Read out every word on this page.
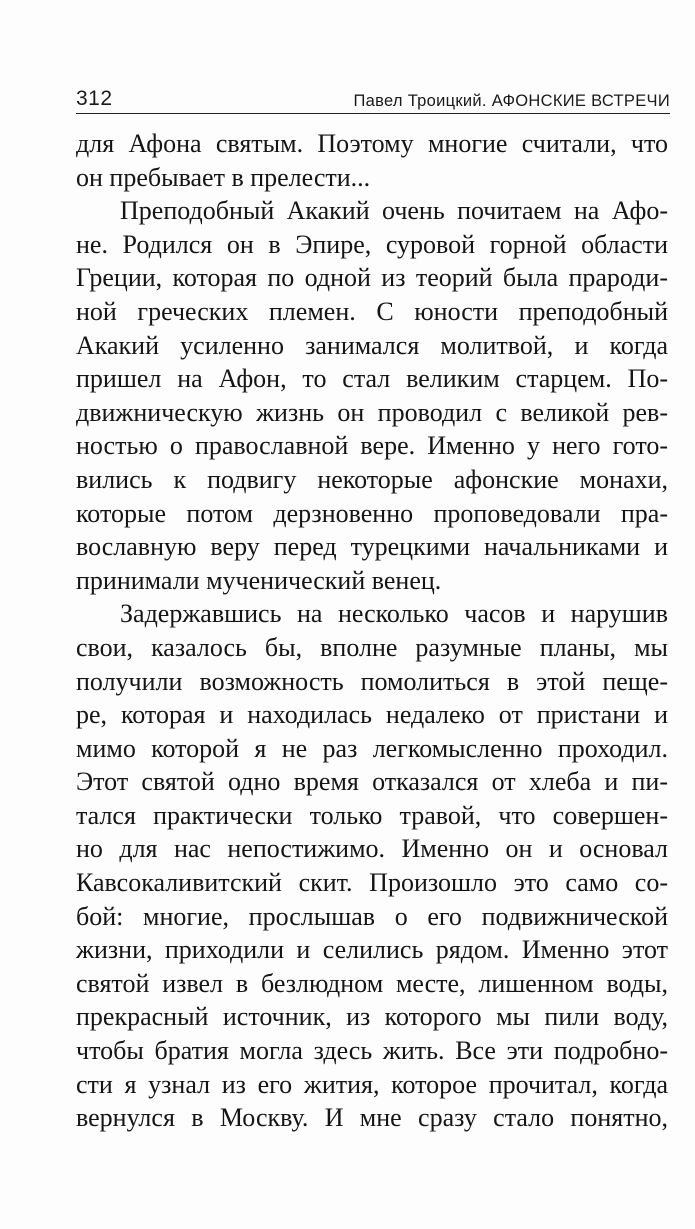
312	Павел Троицкий. АФОНСКИЕ ВСТРЕЧИ
для Афона святым. Поэтому многие считали, что
он пребывает в прелести...
Преподобный Акакий очень почитаем на Афо-
не. Родился он в Эпире, суровой горной области
Греции, которая по одной из теорий была прароди-
ной греческих племен. С юности преподобный
Акакий усиленно занимался молитвой, и когда
пришел на Афон, то стал великим старцем. По-
движническую жизнь он проводил с великой рев-
ностью о православной вере. Именно у него гото-
вились к подвигу некоторые афонские монахи,
которые потом дерзновенно проповедовали пра-
вославную веру перед турецкими начальниками и
принимали мученический венец.
Задержавшись на несколько часов и нарушив
свои, казалось бы, вполне разумные планы, мы
получили возможность помолиться в этой пеще-
ре, которая и находилась недалеко от пристани и
мимо которой я не раз легкомысленно проходил.
Этот святой одно время отказался от хлеба и пи-
тался практически только травой, что совершен-
но для нас непостижимо. Именно он и основал
Кавсокаливитский скит. Произошло это само со-
бой: многие, прослышав о его подвижнической
жизни, приходили и селились рядом. Именно этот
святой извел в безлюдном месте, лишенном воды,
прекрасный источник, из которого мы пили воду,
чтобы братия могла здесь жить. Все эти подробно-
сти я узнал из его жития, которое прочитал, когда
вернулся в Москву. И мне сразу стало понятно,
